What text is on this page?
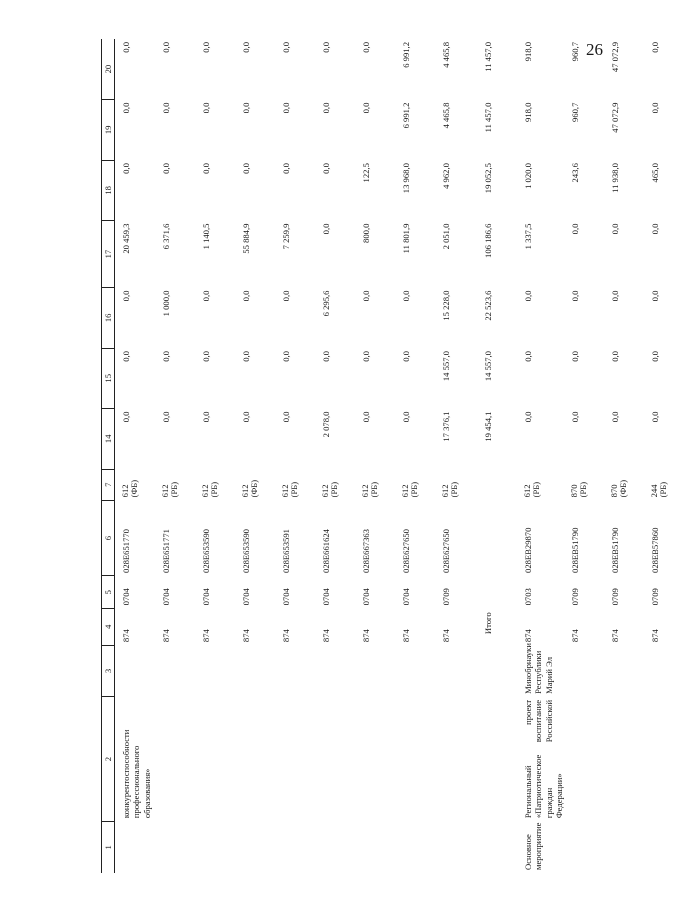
26
1	2	3	4	5	6	7	14	15	16	17	18	19	20
	конкурентоспособности профессионального образования»		874	0704	028Е651770	612 (ФБ)	0,0	0,0	0,0	20 459,3	0,0	0,0	0,0
			874	0704	028Е651771	612 (РБ)	0,0	0,0	1 000,0	6 371,6	0,0	0,0	0,0
			874	0704	028Е653590	612 (РБ)	0,0	0,0	0,0	1 140,5	0,0	0,0	0,0
			874	0704	028Е653590	612 (ФБ)	0,0	0,0	0,0	55 884,9	0,0	0,0	0,0
			874	0704	028Е653591	612 (РБ)	0,0	0,0	0,0	7 259,9	0,0	0,0	0,0
			874	0704	028Е661624	612 (РБ)	2 078,0	0,0	6 295,6	0,0	0,0	0,0	0,0
			874	0704	028Е667363	612 (РБ)	0,0	0,0	0,0	800,0	122,5	0,0	0,0
			874	0704	028Е627650	612 (РБ)	0,0	0,0	0,0	11 801,9	13 968,0	6 991,2	6 991,2
			874	0709	028Е627650	612 (РБ)	17 376,1	14 557,0	15 228,0	2 051,0	4 962,0	4 465,8	4 465,8
Итого							19 454,1	14 557,0	22 523,6	106 186,6	19 052,5	11 457,0	11 457,0
Основное мероприятие	Региональный проект «Патриотическое воспитание граждан Российской Федерации»	Минобрнауки Республики Марий Эл	874	0703	028ЕВ29870	612 (РБ)	0,0	0,0	0,0	1 337,5	1 020,0	918,0	918,0
			874	0709	028ЕВ51790	870 (РБ)	0,0	0,0	0,0	0,0	243,6	960,7	960,7
			874	0709	028ЕВ51790	870 (ФБ)	0,0	0,0	0,0	0,0	11 938,0	47 072,9	47 072,9
			874	0709	028ЕВ57860	244 (РБ)	0,0	0,0	0,0	0,0	465,0	0,0	0,0
